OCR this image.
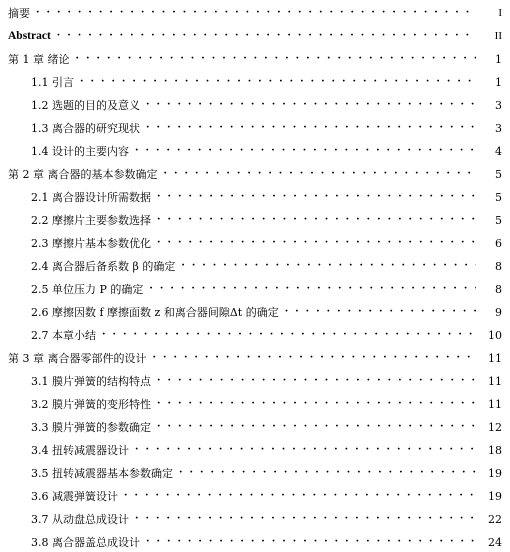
摘要 ·····	I
Abstract ·····	II
第 1 章 绪论 ·····	1
1.1 引言 ·····	1
1.2 选题的目的及意义 ·····	3
1.3 离合器的研究现状 ·····	3
1.4 设计的主要内容 ·····	4
第 2 章 离合器的基本参数确定 ·····	5
2.1 离合器设计所需数据 ·····	5
2.2 摩擦片主要参数选择 ·····	5
2.3 摩擦片基本参数优化 ·····	6
2.4 离合器后备系数 β 的确定 ·····	8
2.5 单位压力 P 的确定 ·····	8
2.6 摩擦因数 f 摩擦面数 z 和离合器间隙Δt 的确定 ·····	9
2.7 本章小结 ·····	10
第 3 章 离合器零部件的设计 ·····	11
3.1 膜片弹簧的结构特点 ·····	11
3.2 膜片弹簧的变形特性 ·····	11
3.3 膜片弹簧的参数确定 ·····	12
3.4 扭转减震器设计 ·····	18
3.5 扭转减震器基本参数确定 ·····	19
3.6 减震弹簧设计 ·····	19
3.7 从动盘总成设计 ·····	22
3.8 离合器盖总成设计 ·····	24
